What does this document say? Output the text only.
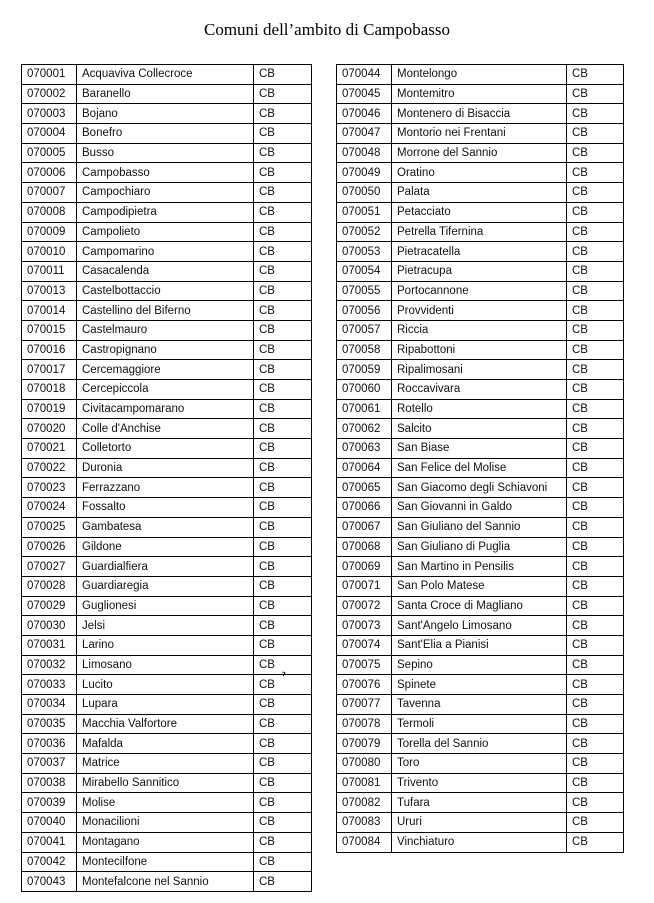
Comuni dell’ambito di Campobasso
070001	Acquaviva Collecroce	CB
070002	Baranello	CB
070003	Bojano	CB
070004	Bonefro	CB
070005	Busso	CB
070006	Campobasso	CB
070007	Campochiaro	CB
070008	Campodipietra	CB
070009	Campolieto	CB
070010	Campomarino	CB
070011	Casacalenda	CB
070013	Castelbottaccio	CB
070014	Castellino del Biferno	CB
070015	Castelmauro	CB
070016	Castropignano	CB
070017	Cercemaggiore	CB
070018	Cercepiccola	CB
070019	Civitacampomarano	CB
070020	Colle d'Anchise	CB
070021	Colletorto	CB
070022	Duronia	CB
070023	Ferrazzano	CB
070024	Fossalto	CB
070025	Gambatesa	CB
070026	Gildone	CB
070027	Guardialfiera	CB
070028	Guardiaregia	CB
070029	Guglionesi	CB
070030	Jelsi	CB
070031	Larino	CB
070032	Limosano	CB
070033	Lucito	CB
070034	Lupara	CB
070035	Macchia Valfortore	CB
070036	Mafalda	CB
070037	Matrice	CB
070038	Mirabello Sannitico	CB
070039	Molise	CB
070040	Monacilioni	CB
070041	Montagano	CB
070042	Montecilfone	CB
070043	Montefalcone nel Sannio	CB
070044	Montelongo	CB
070045	Montemitro	CB
070046	Montenero di Bisaccia	CB
070047	Montorio nei Frentani	CB
070048	Morrone del Sannio	CB
070049	Oratino	CB
070050	Palata	CB
070051	Petacciato	CB
070052	Petrella Tifernina	CB
070053	Pietracatella	CB
070054	Pietracupa	CB
070055	Portocannone	CB
070056	Provvidenti	CB
070057	Riccia	CB
070058	Ripabottoni	CB
070059	Ripalimosani	CB
070060	Roccavivara	CB
070061	Rotello	CB
070062	Salcito	CB
070063	San Biase	CB
070064	San Felice del Molise	CB
070065	San Giacomo degli Schiavoni	CB
070066	San Giovanni in Galdo	CB
070067	San Giuliano del Sannio	CB
070068	San Giuliano di Puglia	CB
070069	San Martino in Pensilis	CB
070071	San Polo Matese	CB
070072	Santa Croce di Magliano	CB
070073	Sant'Angelo Limosano	CB
070074	Sant'Elia a Pianisi	CB
070075	Sepino	CB
070076	Spinete	CB
070077	Tavenna	CB
070078	Termoli	CB
070079	Torella del Sannio	CB
070080	Toro	CB
070081	Trivento	CB
070082	Tufara	CB
070083	Ururi	CB
070084	Vinchiaturo	CB
ˀ
